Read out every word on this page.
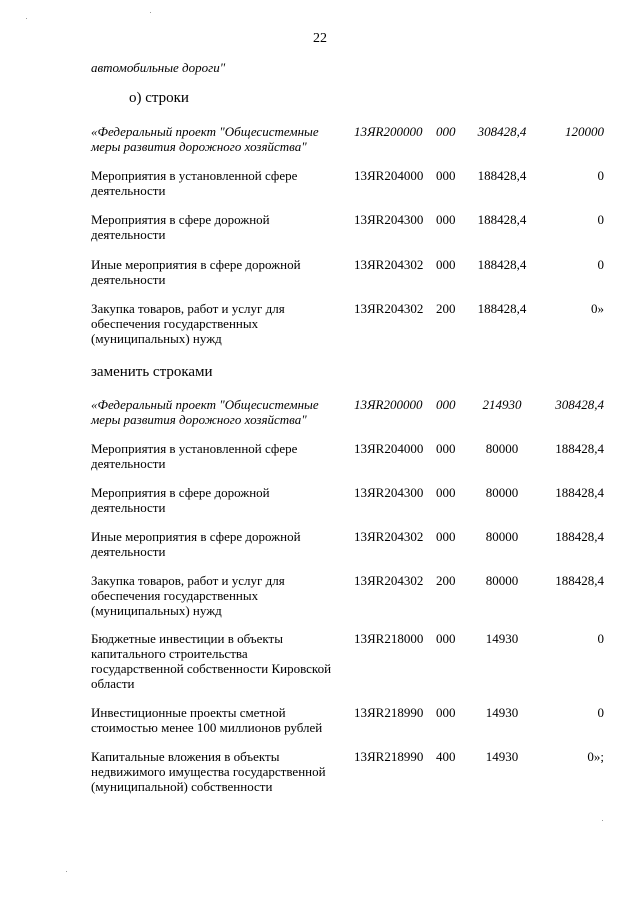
22
автомобильные дороги"
о) строки
заменить строками
«Федеральный проект "Общесистемные
меры развития дорожного хозяйства"
13ЯR200000	000	308428,4	120000
Мероприятия в установленной сфере
деятельности
13ЯR204000 000	188428,4	0
Мероприятия в сфере дорожной
деятельности
13ЯR204300 000	188428,4	0
Иные мероприятия в сфере дорожной
деятельности
13ЯR204302 000	188428,4	0
Закупка товаров, работ и услуг для
обеспечения государственных
(муниципальных) нужд
13ЯR204302 200	188428,4	0»
«Федеральный проект "Общесистемные
меры развития дорожного хозяйства"
13ЯR200000	000	214930	308428,4
Мероприятия в установленной сфере
деятельности
13ЯR204000 000	80000	188428,4
Мероприятия в сфере дорожной
деятельности
13ЯR204300 000	80000	188428,4
Иные мероприятия в сфере дорожной
деятельности
13ЯR204302 000	80000	188428,4
Закупка товаров, работ и услуг для
обеспечения государственных
(муниципальных) нужд
13ЯR204302 200	80000	188428,4
Бюджетные инвестиции в объекты
капитального строительства
государственной собственности Кировской
области
13ЯR218000 000	14930	0
Инвестиционные проекты сметной
стоимостью менее 100 миллионов рублей
13ЯR218990 000	14930	0
Капитальные вложения в объекты
недвижимого имущества государственной
(муниципальной) собственности
13ЯR218990 400	14930	0»;
